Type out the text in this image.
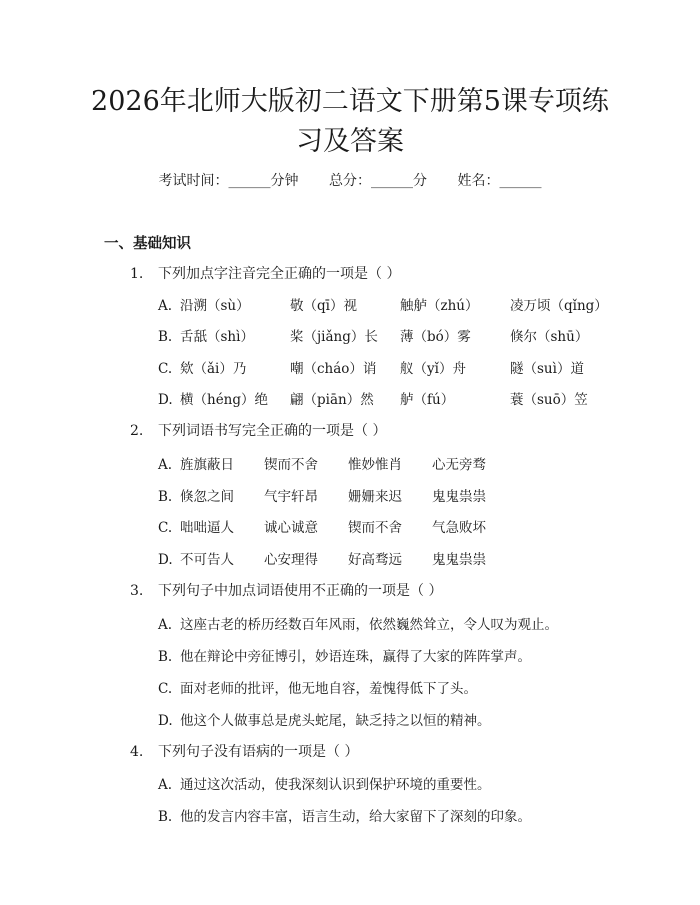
2026年北师大版初二语文下册第5课专项练
习及答案
考试时间：______分钟 总分：______分 姓名：______
一、基础知识
1. 下列加点字注音完全正确的一项是（ ）
A. 沿溯（sù）	敬（qī）视	触舻（zhú） 凌万顷（qǐng）
B. 舌舐（shì）	桨（jiǎng）长 薄（bó）雾	倏尔（shū）
C. 欸（ǎi）乃	嘲（cháo）诮 舣（yǐ）舟	隧（suì）道
D. 横（héng）绝 翩（piān）然 舻（fú）	蓑（suō）笠
2. 下列词语书写完全正确的一项是（ ）
A. 旌旗蔽日 锲而不舍 惟妙惟肖 心无旁骛
B. 倏忽之间 气宇轩昂 姗姗来迟 鬼鬼祟祟
C. 咄咄逼人 诚心诚意 锲而不舍 气急败坏
D. 不可告人 心安理得 好高骛远 鬼鬼祟祟
3. 下列句子中加点词语使用不正确的一项是（ ）
A. 这座古老的桥历经数百年风雨，依然巍然耸立，令人叹为观止。
B. 他在辩论中旁征博引，妙语连珠，赢得了大家的阵阵掌声。
C. 面对老师的批评，他无地自容，羞愧得低下了头。
D. 他这个人做事总是虎头蛇尾，缺乏持之以恒的精神。
4. 下列句子没有语病的一项是（ ）
A. 通过这次活动，使我深刻认识到保护环境的重要性。
B. 他的发言内容丰富，语言生动，给大家留下了深刻的印象。
